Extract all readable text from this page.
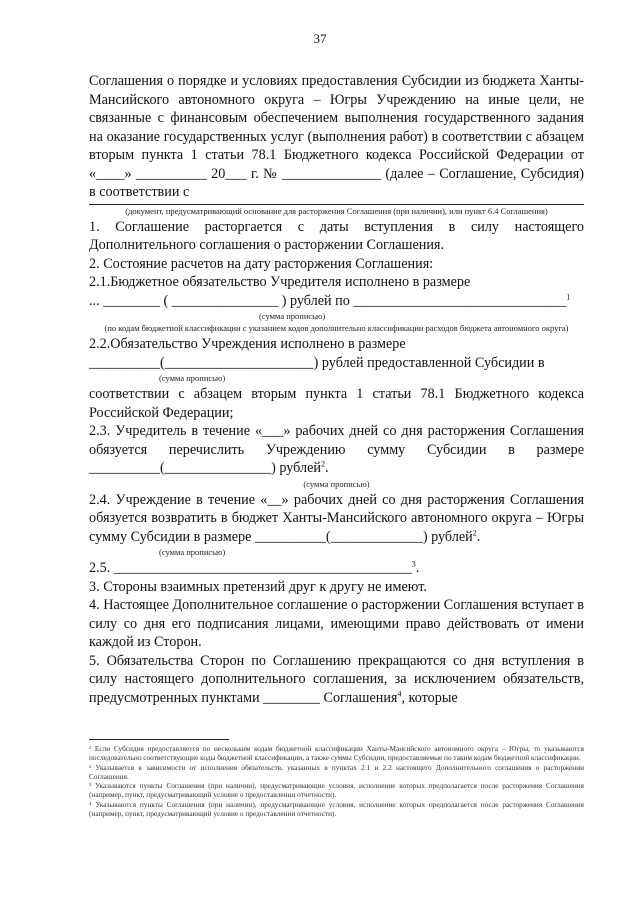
37

Соглашения о порядке и условиях предоставления Субсидии из бюджета Ханты-Мансийского автономного округа – Югры Учреждению на иные цели, не связанные с финансовым обеспечением выполнения государственного задания на оказание государственных услуг (выполнения работ) в соответствии с абзацем вторым пункта 1 статьи 78.1 Бюджетного кодекса Российской Федерации от «____» __________ 20___ г. № ______________ (далее – Соглашение, Субсидия) в соответствии с

(документ, предусматривающий основание для расторжения Соглашения (при наличии), или пункт 6.4 Соглашения)

1. Соглашение расторгается с даты вступления в силу настоящего Дополнительного соглашения о расторжении Соглашения.

2. Состояние расчетов на дату расторжения Соглашения:

2.1.Бюджетное обязательство Учредителя исполнено в размере

... ________ ( _______________ ) рублей по ______________________________$^1$

(сумма прописью)
(по кодам бюджетной классификации с указанием кодов дополнительно классификации расходов бюджета автономного округа)

2.2.Обязательство Учреждения исполнено в размере

__________(_____________________) рублей предоставленной Субсидии в

(сумма прописью)

соответствии с абзацем вторым пункта 1 статьи 78.1 Бюджетного кодекса Российской Федерации;

2.3. Учредитель в течение «___» рабочих дней со дня расторжения Соглашения обязуется перечислить Учреждению сумму Субсидии в размере __________(_______________) рублей$^2$.

(сумма прописью)

2.4. Учреждение в течение «__» рабочих дней со дня расторжения Соглашения обязуется возвратить в бюджет Ханты-Мансийского автономного округа – Югры сумму Субсидии в размере __________(_____________) рублей$^2$.

(сумма прописью)

2.5. __________________________________________$^3$.

3. Стороны взаимных претензий друг к другу не имеют.

4. Настоящее Дополнительное соглашение о расторжении Соглашения вступает в силу со дня его подписания лицами, имеющими право действовать от имени каждой из Сторон.

5. Обязательства Сторон по Соглашению прекращаются со дня вступления в силу настоящего дополнительного соглашения, за исключением обязательств, предусмотренных пунктами ________ Соглашения$^4$, которые

¹ Если Субсидия предоставляется по нескольким кодам бюджетной классификации Ханты-Мансийского автономного округа – Югры, то указываются последовательно соответствующие коды бюджетной классификации, а также суммы Субсидии, предоставляемые по таким кодам бюджетной классификации.

² Указывается в зависимости от исполнения обязательств, указанных в пунктах 2.1 и 2.2 настоящего Дополнительного соглашения о расторжении Соглашения.

³ Указываются пункты Соглашения (при наличии), предусматривающие условия, исполнение которых предполагается после расторжения Соглашения (например, пункт, предусматривающий условие о предоставлении отчетности).

⁴ Указываются пункты Соглашения (при наличии), предусматривающие условия, исполнение которых предполагается после расторжения Соглашения (например, пункт, предусматривающий условие о предоставлении отчетности).
